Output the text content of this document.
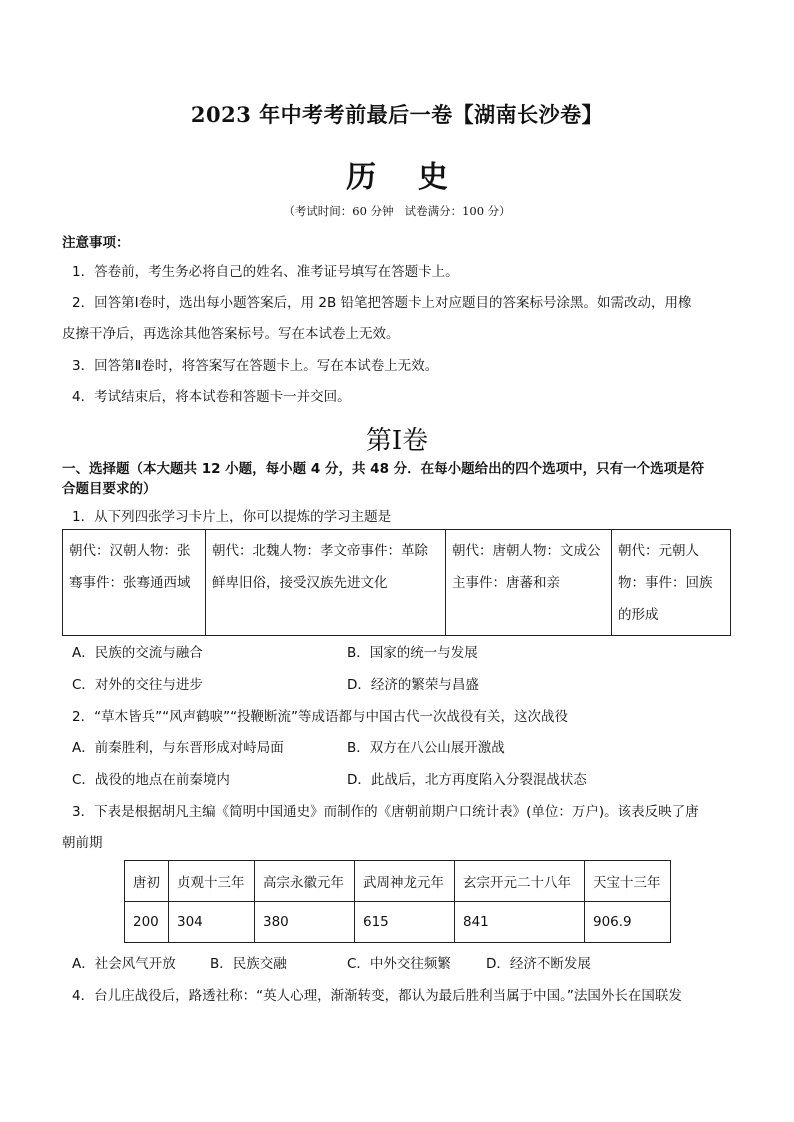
2023 年中考考前最后一卷【湖南长沙卷】
历    史
（考试时间：60 分钟   试卷满分：100 分）
注意事项：
1．答卷前，考生务必将自己的姓名、准考证号填写在答题卡上。
2．回答第Ⅰ卷时，选出每小题答案后，用 2B 铅笔把答题卡上对应题目的答案标号涂黑。如需改动，用橡
皮擦干净后，再选涂其他答案标号。写在本试卷上无效。
3．回答第Ⅱ卷时，将答案写在答题卡上。写在本试卷上无效。
4．考试结束后，将本试卷和答题卡一并交回。
第Ⅰ卷
一、选择题（本大题共 12 小题，每小题 4 分，共 48 分．在每小题给出的四个选项中，只有一个选项是符
合题目要求的）
1．从下列四张学习卡片上，你可以提炼的学习主题是
朝代：汉朝人物：张骞事件：张骞通西域	朝代：北魏人物：孝文帝事件：革除鲜卑旧俗，接受汉族先进文化	朝代：唐朝人物：文成公主事件：唐蕃和亲	朝代：元朝人物：事件：回族的形成
A．民族的交流与融合	B．国家的统一与发展
C．对外的交往与进步	D．经济的繁荣与昌盛
2．“草木皆兵”“风声鹤唳”“投鞭断流”等成语都与中国古代一次战役有关，这次战役
A．前秦胜利，与东晋形成对峙局面	B．双方在八公山展开激战
C．战役的地点在前秦境内	D．此战后，北方再度陷入分裂混战状态
3．下表是根据胡凡主编《简明中国通史》而制作的《唐朝前期户口统计表》(单位：万户)。该表反映了唐
朝前期
唐初	贞观十三年	高宗永徽元年	武周神龙元年	玄宗开元二十八年	天宝十三年
200	304	380	615	841	906.9
A．社会风气开放	B．民族交融	C．中外交往频繁	D．经济不断发展
4．台儿庄战役后，路透社称：“英人心理，渐渐转变，都认为最后胜利当属于中国。”法国外长在国联发
